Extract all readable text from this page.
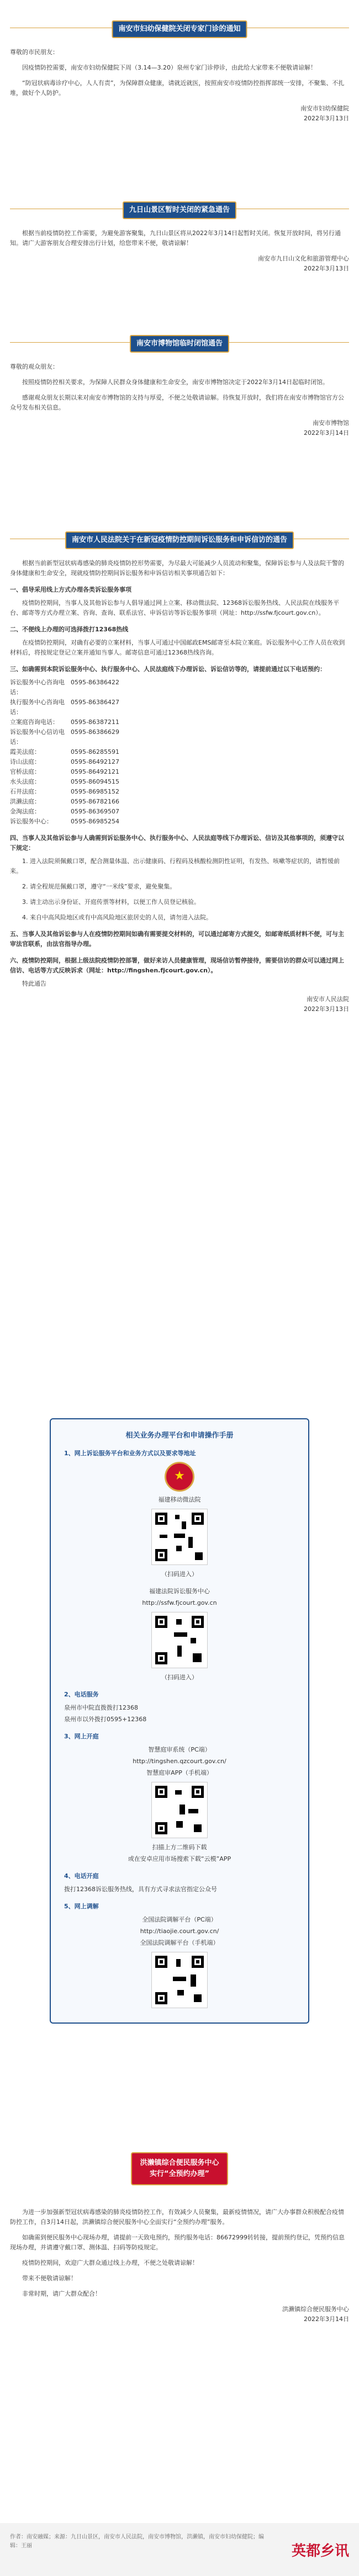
南安市妇幼保健院关闭专家门诊的通知
尊敬的市民朋友：

因疫情防控需要，南安市妇幼保健院下周（3.14—3.20）泉州专家门诊停诊，由此给大家带来不便敬请谅解！

“防冠状病毒诊疗中心，人人有责”，为保障群众健康，请就近就医，按照南安市疫情防控指挥部统一安排，不聚集、不扎堆，做好个人防护。

南安市妇幼保健院

2022年3月13日

九日山景区暂时关闭的紧急通告

根据当前疫情防控工作需要，为避免游客聚集，九日山景区将从2022年3月14日起暂时关闭。恢复开放时间，将另行通知。请广大游客朋友合理安排出行计划，给您带来不便，敬请谅解！

南安市九日山文化和旅游管理中心

2022年3月13日

南安市博物馆临时闭馆通告
尊敬的观众朋友：

按照疫情防控相关要求，为保障人民群众身体健康和生命安全，南安市博物馆决定于2022年3月14日起临时闭馆。

感谢观众朋友长期以来对南安市博物馆的支持与厚爱，不便之处敬请谅解。待恢复开放时，我们将在南安市博物馆官方公众号发布相关信息。

南安市博物馆

2022年3月14日

南安市人民法院关于在新冠疫情防控期间诉讼服务和申诉信访的通告

根据当前新型冠状病毒感染的肺炎疫情防控形势需要，为尽最大可能减少人员流动和聚集，保障诉讼参与人及法院干警的身体健康和生命安全，现就疫情防控期间诉讼服务和申诉信访相关事项通告如下：

一、倡导采用线上方式办理各类诉讼服务事项

疫情防控期间，当事人及其他诉讼参与人倡导通过网上立案、移动微法院、12368诉讼服务热线、人民法院在线服务平台、邮寄等方式办理立案、咨询、查询、联系法官、申诉信访等诉讼服务事项（网址：http://ssfw.fjcourt.gov.cn）。

二、不便线上办理的可选择拨打12368热线

在疫情防控期间，对确有必要的立案材料，当事人可通过中国邮政EMS邮寄至本院立案庭。诉讼服务中心工作人员在收到材料后，将按规定登记立案并通知当事人。邮寄信息可通过12368热线咨询。

三、如确需到本院诉讼服务中心、执行服务中心、人民法庭线下办理诉讼、诉讼信访等的，请提前通过以下电话预约：
诉讼服务中心咨询电话：
0595-86386422
执行服务中心咨询电话：
0595-86386427
立案庭咨询电话：	0595-86387211
诉讼服务中心信访电话：
0595-86386629
霞美法庭：	0595-86285591
诗山法庭：	0595-86492127
官桥法庭：	0595-86492121
水头法庭：	0595-86094515
石井法庭：	0595-86985152
洪濑法庭：	0595-86782166
金淘法庭：	0595-86369507
诉讼服务中心：	0595-86985254
四、当事人及其他诉讼参与人确需到诉讼服务中心、执行服务中心、人民法庭等线下办理诉讼、信访及其他事项的，须遵守以下规定：

1. 进入法院须佩戴口罩，配合测量体温、出示健康码、行程码及核酸检测阴性证明，有发热、咳嗽等症状的，请暂缓前来。

2. 请全程规范佩戴口罩，遵守“一米线”要求，避免聚集。

3. 请主动出示身份证、开庭传票等材料，以便工作人员登记核验。

4. 来自中高风险地区或有中高风险地区旅居史的人员，请勿进入法院。

五、当事人及其他诉讼参与人在疫情防控期间如确有需要提交材料的，可以通过邮寄方式提交，如邮寄纸质材料不便，可与主审法官联系，由法官指导办理。
六、疫情防控期间，根据上级法院疫情防控部署，做好来访人员健康管理，现场信访暂停接待，需要信访的群众可以通过网上信访、电话等方式反映诉求（网址：http://fingshen.fjcourt.gov.cn）。

特此通告

南安市人民法院

2022年3月13日

相关业务办理平台和申请操作手册
1、网上诉讼服务平台和业务方式以及要求等地址
★
福建移动微法院
（扫码进入）
福建法院诉讼服务中心
http://ssfw.fjcourt.gov.cn
（扫码进入）
2、电话服务
泉州市中院直拨拨打12368
泉州市以外拨打0595+12368
3、网上开庭
智慧庭审系统（PC端）
http://tingshen.qzcourt.gov.cn/
智慧庭审APP（手机端）
扫描上方二维码下载
或在安卓应用市场搜索下载“云模”APP
4、电话开庭
拨打12368诉讼服务热线，具有方式寻求法官指定公众号
5、网上调解
全国法院调解平台（PC端）
http://tiaojie.court.gov.cn/
全国法院调解平台（手机端）
洪濑镇综合便民服务中心
实行“全预约办理”

为进一步加强新型冠状病毒感染的肺炎疫情防控工作，有效减少人员聚集，最新疫情情况，请广大办事群众积极配合疫情防控工作，自3月14日起，洪濑镇综合便民服务中心全面实行“全预约办理”服务。

如确需到便民服务中心现场办理，请提前一天致电预约，预约服务电话：86672999转转接，提前预约登记，凭预约信息现场办理，并请遵守戴口罩、测体温、扫码等防疫规定。

疫情防控期间，欢迎广大群众通过线上办理，不便之处敬请谅解！

带来不便敬请谅解！

非常时期，请广大群众配合！

洪濑镇综合便民服务中心

2022年3月14日

作者：南安融媒；来源：九日山景区，南安市人民法院，南安市博物馆，洪濑镇，南安市妇幼保健院；编辑：王丽	英都乡讯
